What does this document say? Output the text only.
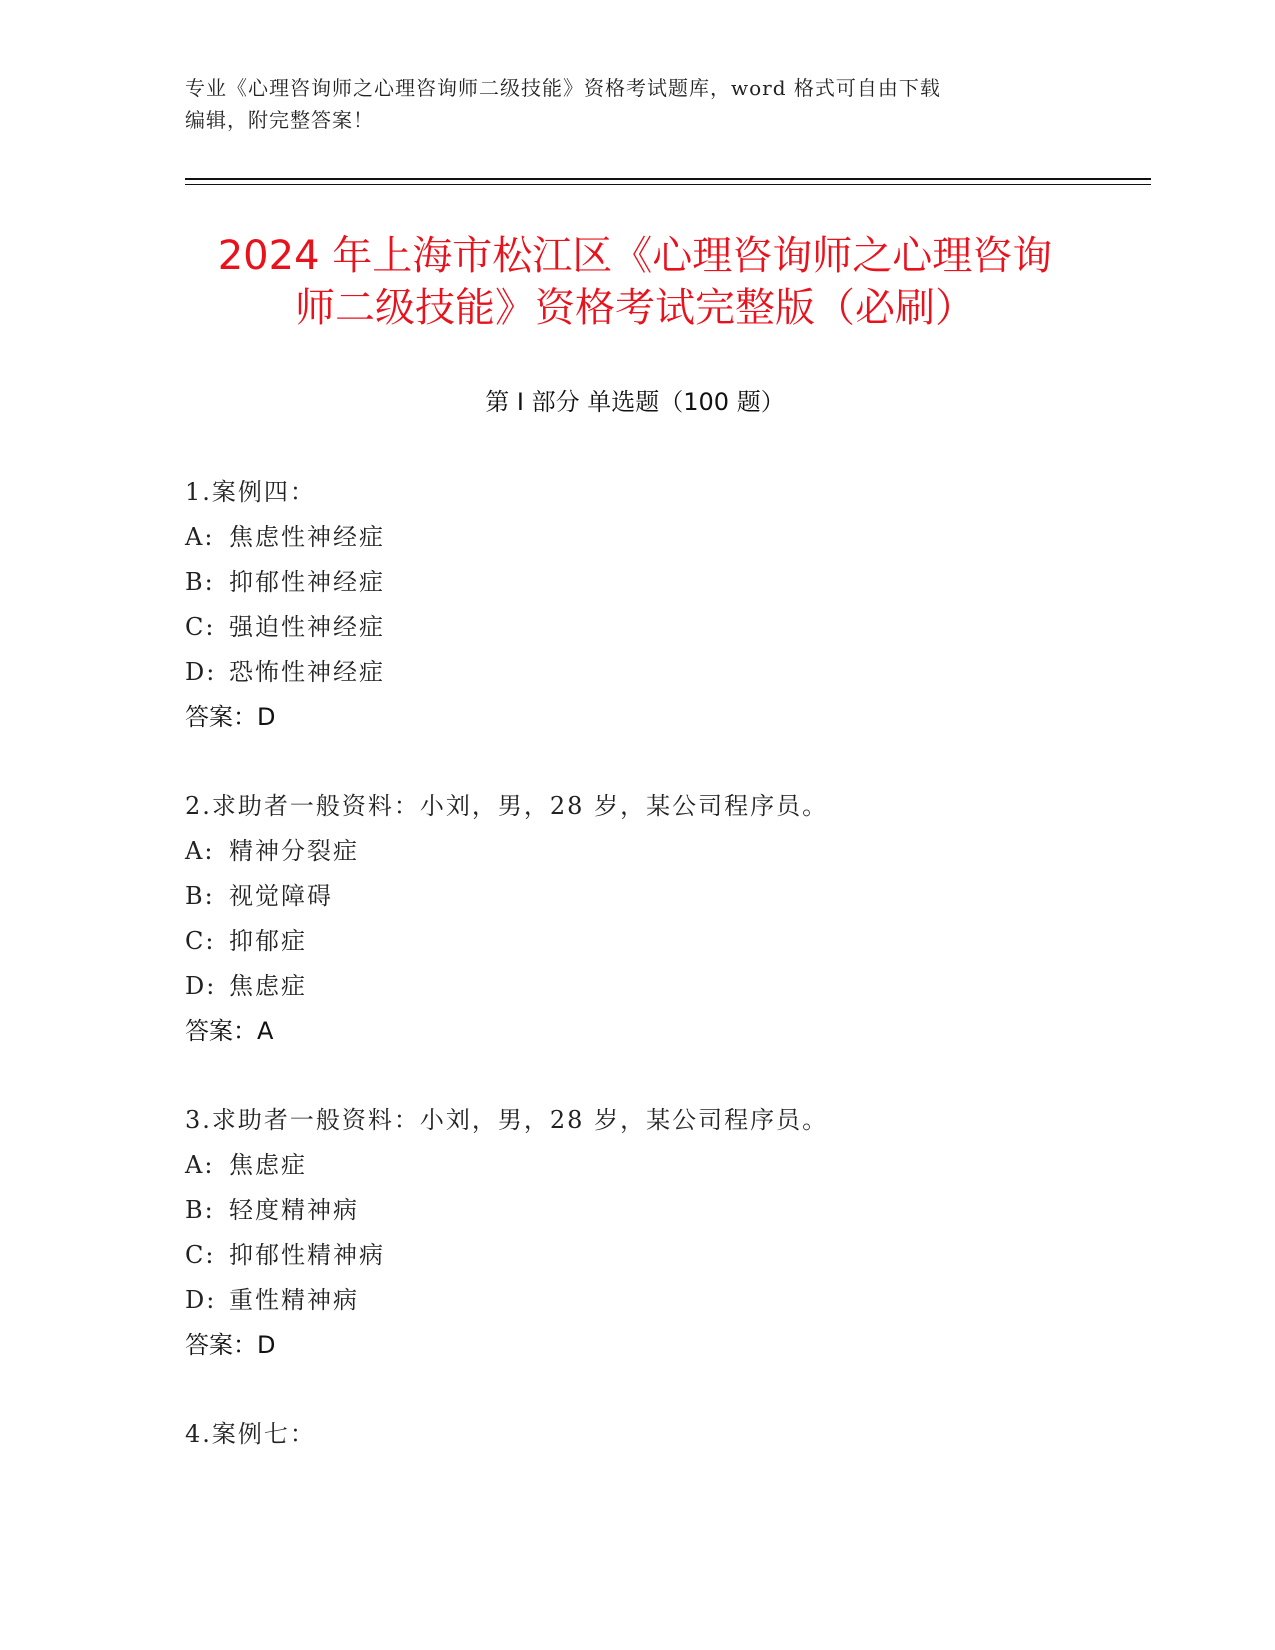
专业《心理咨询师之心理咨询师二级技能》资格考试题库，word 格式可自由下载
编辑，附完整答案！
2024 年上海市松江区《心理咨询师之心理咨询
师二级技能》资格考试完整版（必刷）
第 I 部分 单选题（100 题）
1.案例四：
A: 焦虑性神经症
B: 抑郁性神经症
C: 强迫性神经症
D: 恐怖性神经症
答案：D
2.求助者一般资料：小刘，男，28 岁，某公司程序员。
A: 精神分裂症
B: 视觉障碍
C: 抑郁症
D: 焦虑症
答案：A
3.求助者一般资料：小刘，男，28 岁，某公司程序员。
A: 焦虑症
B: 轻度精神病
C: 抑郁性精神病
D: 重性精神病
答案：D
4.案例七：
